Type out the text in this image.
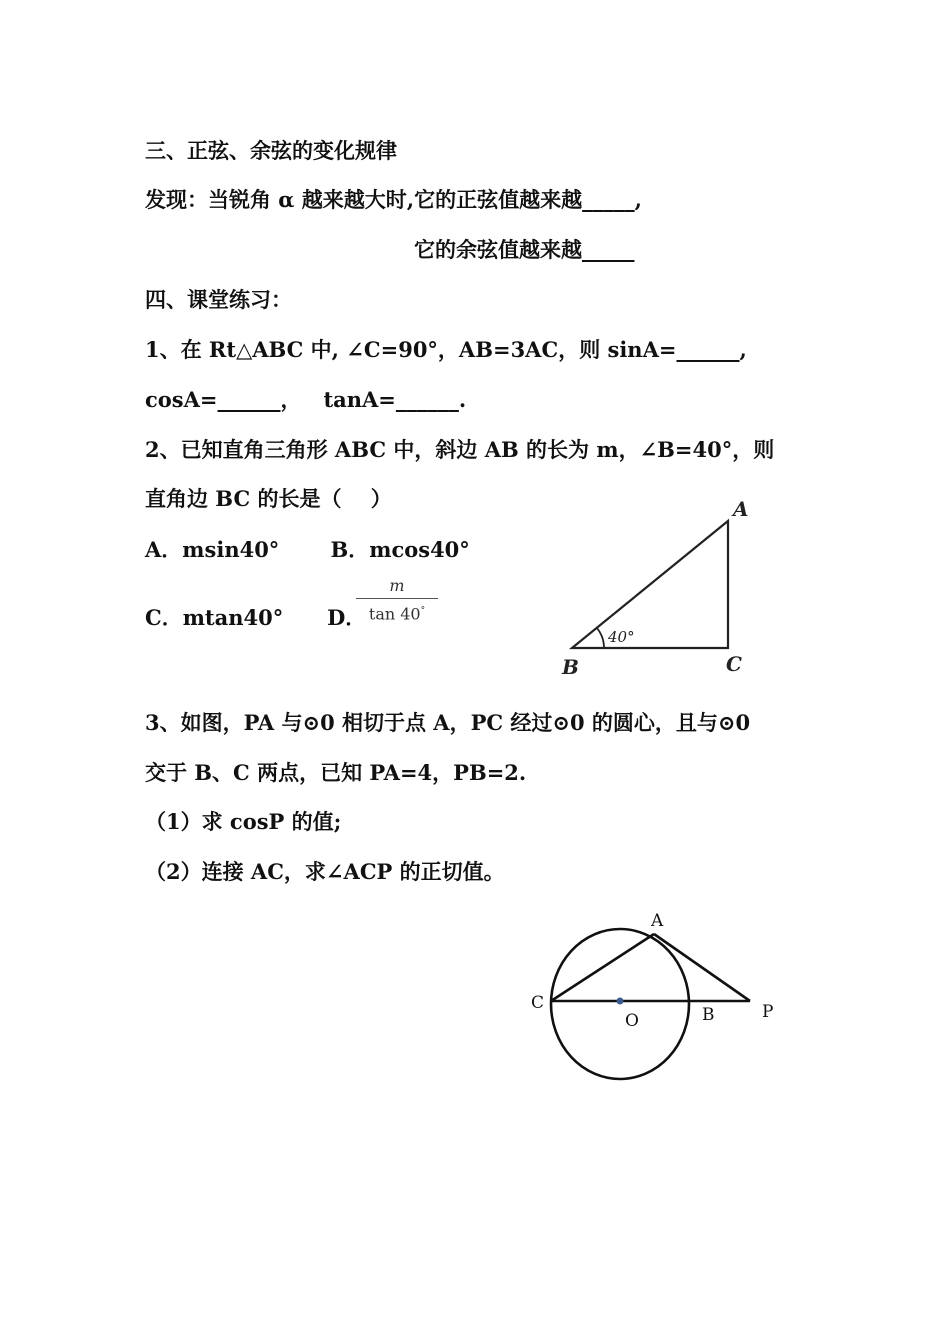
三、正弦、余弦的变化规律
发现：当锐角 α 越来越大时,它的正弦值越来越_____,
它的余弦值越来越_____
四、课堂练习：
1、在 Rt△ABC 中, ∠C=90°，AB=3AC，则 sinA=______,
cosA=______，   tanA=______.
2、已知直角三角形 ABC 中，斜边 AB 的长为 m，∠B=40°，则
直角边 BC 的长是（    ）
A．msin40°       B．mcos40°
C．mtan40°      D．
m
tan 40°
40°
A
B	C
3、如图，PA 与⊙0 相切于点 A，PC 经过⊙0 的圆心，且与⊙0
交于 B、C 两点，已知 PA=4，PB=2.
（1）求 cosP 的值;
（2）连接 AC，求∠ACP 的正切值。
A
C
O	B	P
